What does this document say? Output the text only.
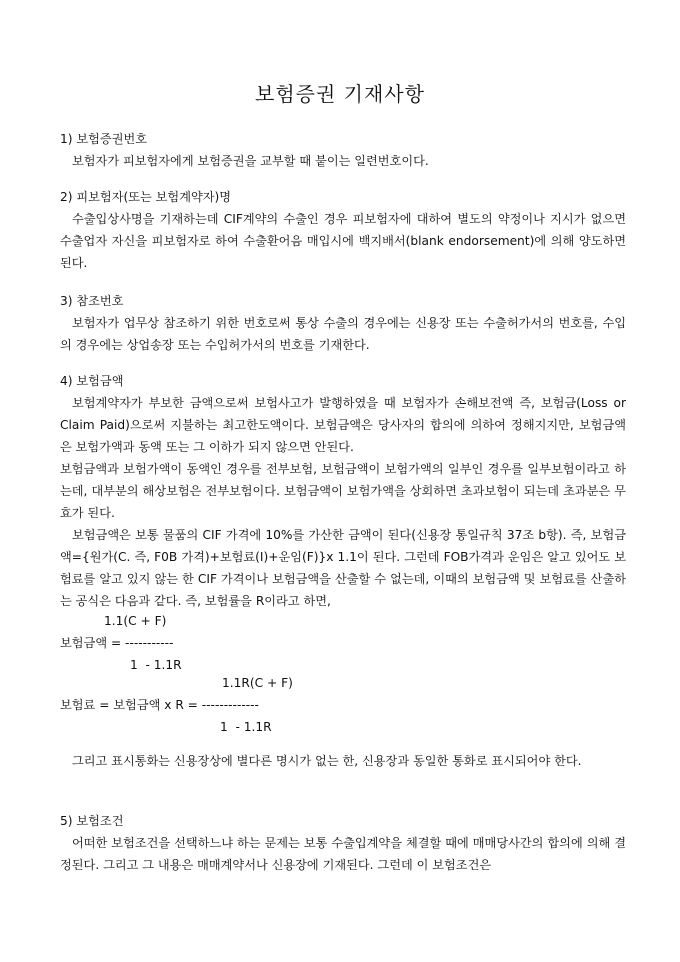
보험증권 기재사항
1) 보험증권번호

보험자가 피보험자에게 보험증권을 교부할 때 붙이는 일련번호이다.

2) 피보험자(또는 보험계약자)명

수출입상사명을 기재하는데 CIF계약의 수출인 경우 피보험자에 대하여 별도의 약정이나 지시가 없으면 수출업자 자신을 피보험자로 하여 수출환어음 매입시에 백지배서(blank endorsement)에 의해 양도하면 된다.

3) 참조번호

보험자가 업무상 참조하기 위한 번호로써 통상 수출의 경우에는 신용장 또는 수출허가서의 번호를, 수입의 경우에는 상업송장 또는 수입허가서의 번호를 기재한다.

4) 보험금액

보험계약자가 부보한 금액으로써 보험사고가 발행하였을 때 보험자가 손해보전액 즉, 보험금(Loss or Claim Paid)으로써 지불하는 최고한도액이다. 보험금액은 당사자의 합의에 의하여 정해지지만, 보험금액은 보험가액과 동액 또는 그 이하가 되지 않으면 안된다.

보험금액과 보험가액이 동액인 경우를 전부보험, 보험금액이 보험가액의 일부인 경우를 일부보험이라고 하는데, 대부분의 해상보험은 전부보험이다. 보험금액이 보험가액을 상회하면 초과보험이 되는데 초과분은 무효가 된다.

보험금액은 보통 물품의 CIF 가격에 10%를 가산한 금액이 된다(신용장 통일규칙 37조 b항). 즉, 보험금액={원가(C. 즉, F0B 가격)+보험료(I)+운임(F)}x 1.1이 된다. 그런데 FOB가격과 운임은 알고 있어도 보험료를 알고 있지 않는 한 CIF 가격이나 보험금액을 산출할 수 없는데, 이때의 보험금액 및 보험료를 산출하는 공식은 다음과 같다. 즉, 보험률을 R이라고 하면,

1.1(C + F)

보험금액 = -----------

1  - 1.1R

1.1R(C + F)

보험료 = 보험금액 x R = -------------

1  - 1.1R

그리고 표시통화는 신용장상에 별다른 명시가 없는 한, 신용장과 동일한 통화로 표시되어야 한다.

5) 보험조건

어떠한 보험조건을 선택하느냐 하는 문제는 보통 수출입계약을 체결할 때에 매매당사간의 합의에 의해 결정된다. 그리고 그 내용은 매매계약서나 신용장에 기재된다. 그런데 이 보험조건은
